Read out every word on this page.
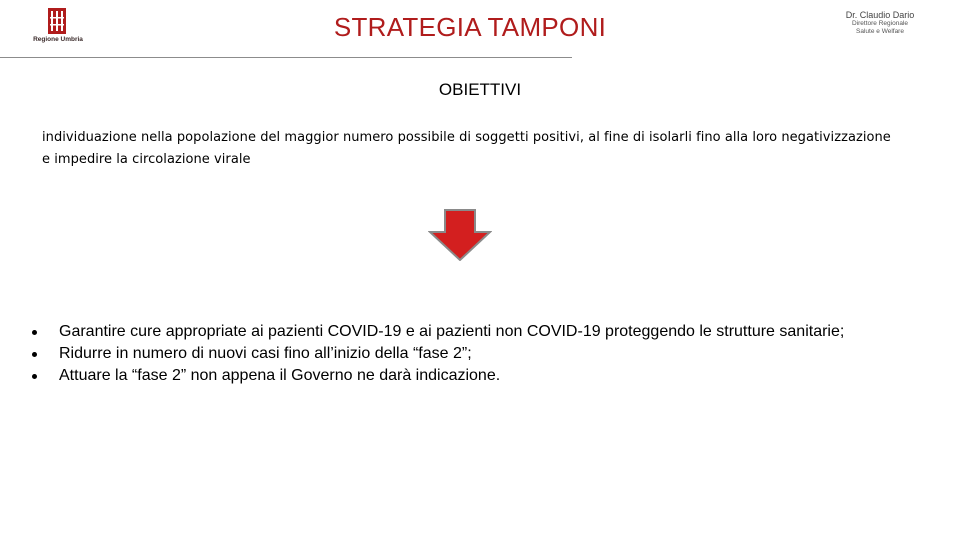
Regione Umbria	STRATEGIA TAMPONI	Dr. Claudio Dario
Direttore Regionale
Salute e Welfare
OBIETTIVI
individuazione nella popolazione del maggior numero possibile di soggetti positivi, al fine di isolarli fino alla loro negativizzazione e impedire la circolazione virale
Garantire cure appropriate ai pazienti COVID-19 e ai pazienti non COVID-19 proteggendo le strutture sanitarie;
Ridurre in numero di nuovi casi fino all’inizio della “fase 2”;
Attuare la “fase 2” non appena il Governo ne darà indicazione.
